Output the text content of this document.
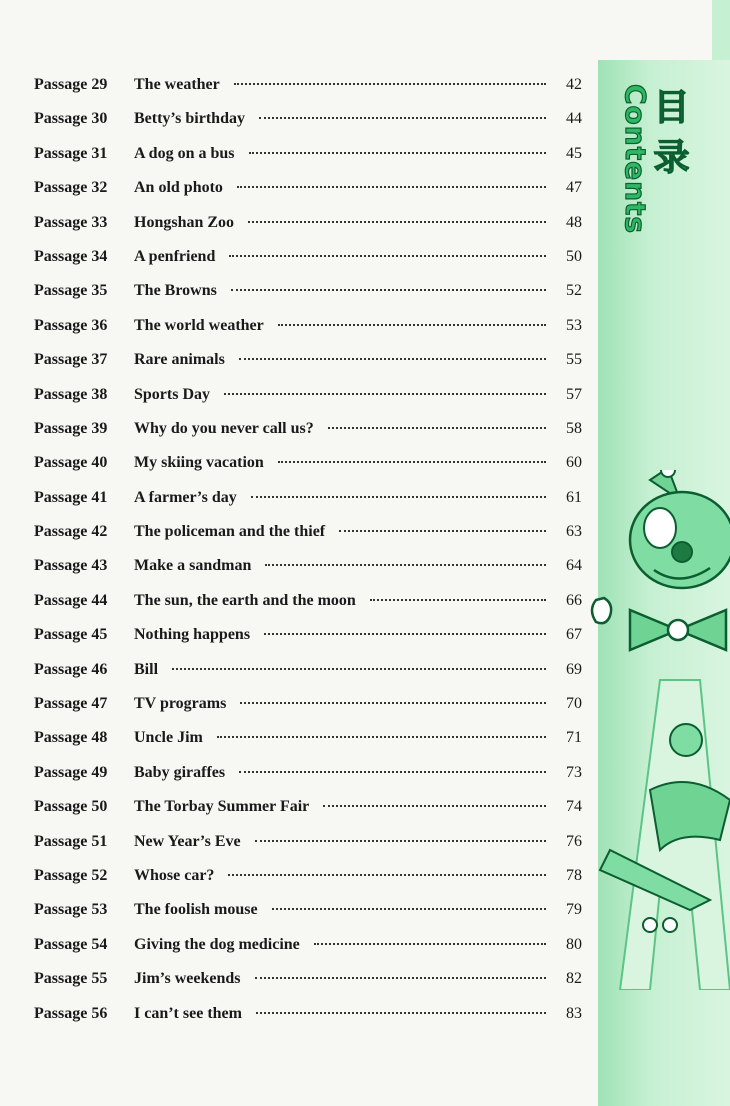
Contents
目录
Passage 29	The weather	42
Passage 30	Betty’s birthday	44
Passage 31	A dog on a bus	45
Passage 32	An old photo	47
Passage 33	Hongshan Zoo	48
Passage 34	A penfriend	50
Passage 35	The Browns	52
Passage 36	The world weather	53
Passage 37	Rare animals	55
Passage 38	Sports Day	57
Passage 39	Why do you never call us?	58
Passage 40	My skiing vacation	60
Passage 41	A farmer’s day	61
Passage 42	The policeman and the thief	63
Passage 43	Make a sandman	64
Passage 44	The sun, the earth and the moon	66
Passage 45	Nothing happens	67
Passage 46	Bill	69
Passage 47	TV programs	70
Passage 48	Uncle Jim	71
Passage 49	Baby giraffes	73
Passage 50	The Torbay Summer Fair	74
Passage 51	New Year’s Eve	76
Passage 52	Whose car?	78
Passage 53	The foolish mouse	79
Passage 54	Giving the dog medicine	80
Passage 55	Jim’s weekends	82
Passage 56	I can’t see them	83
